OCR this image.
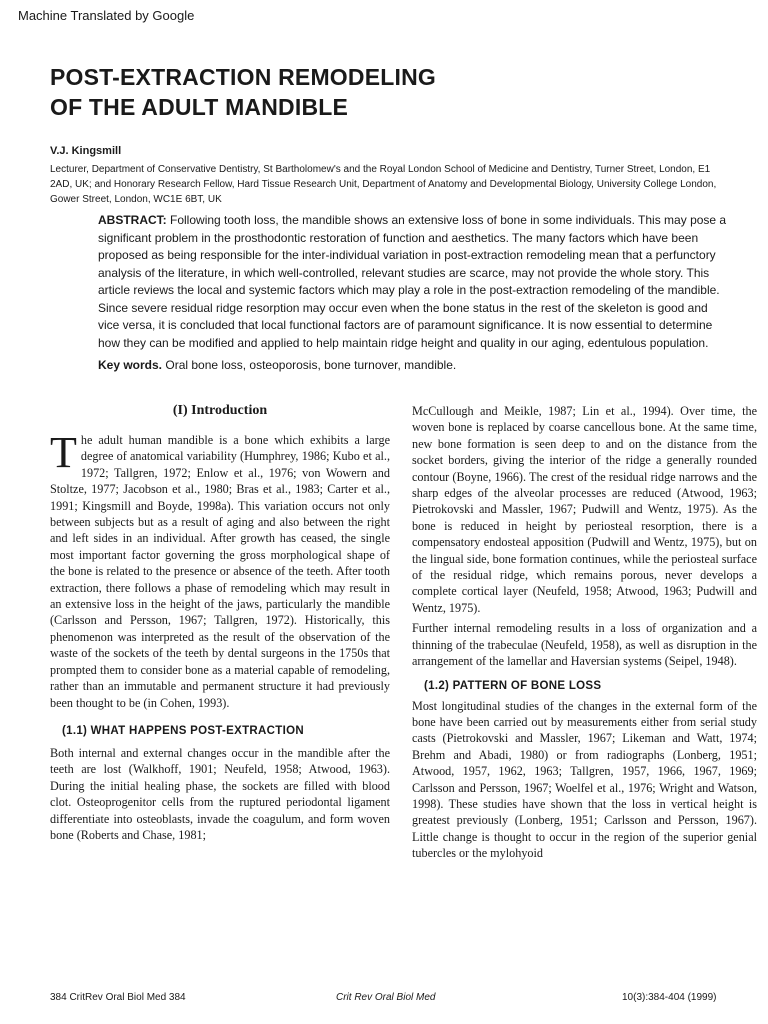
Machine Translated by Google
POST-EXTRACTION REMODELING
OF THE ADULT MANDIBLE
V.J. Kingsmill
Lecturer, Department of Conservative Dentistry, St Bartholomew's and the Royal London School of Medicine and Dentistry, Turner Street, London, E1 2AD, UK; and Honorary Research Fellow, Hard Tissue Research Unit, Department of Anatomy and Developmental Biology, University College London, Gower Street, London, WC1E 6BT, UK
ABSTRACT: Following tooth loss, the mandible shows an extensive loss of bone in some individuals. This may pose a significant problem in the prosthodontic restoration of function and aesthetics. The many factors which have been proposed as being responsible for the inter-individual variation in post-extraction remodeling mean that a perfunctory analysis of the literature, in which well-controlled, relevant studies are scarce, may not provide the whole story. This article reviews the local and systemic factors which may play a role in the post-extraction remodeling of the mandible. Since severe residual ridge resorption may occur even when the bone status in the rest of the skeleton is good and vice versa, it is concluded that local functional factors are of paramount significance. It is now essential to determine how they can be modified and applied to help maintain ridge height and quality in our aging, edentulous population.
Key words. Oral bone loss, osteoporosis, bone turnover, mandible.
(I) Introduction

The adult human mandible is a bone which exhibits a large degree of anatomical variability (Humphrey, 1986; Kubo et al., 1972; Tallgren, 1972; Enlow et al., 1976; von Wowern and Stoltze, 1977; Jacobson et al., 1980; Bras et al., 1983; Carter et al., 1991; Kingsmill and Boyde, 1998a). This variation occurs not only between subjects but as a result of aging and also between the right and left sides in an individual. After growth has ceased, the single most important factor governing the gross morphological shape of the bone is related to the presence or absence of the teeth. After tooth extraction, there follows a phase of remodeling which may result in an extensive loss in the height of the jaws, particularly the mandible (Carlsson and Persson, 1967; Tallgren, 1972). Historically, this phenomenon was interpreted as the result of the observation of the waste of the sockets of the teeth by dental surgeons in the 1750s that prompted them to consider bone as a material capable of remodeling, rather than an immutable and permanent structure it had previously been thought to be (in Cohen, 1993).

(1.1) WHAT HAPPENS POST-EXTRACTION

Both internal and external changes occur in the mandible after the teeth are lost (Walkhoff, 1901; Neufeld, 1958; Atwood, 1963). During the initial healing phase, the sockets are filled with blood clot. Osteoprogenitor cells from the ruptured periodontal ligament differentiate into osteoblasts, invade the coagulum, and form woven bone (Roberts and Chase, 1981;

McCullough and Meikle, 1987; Lin et al., 1994). Over time, the woven bone is replaced by coarse cancellous bone. At the same time, new bone formation is seen deep to and on the distance from the socket borders, giving the interior of the ridge a generally rounded contour (Boyne, 1966). The crest of the residual ridge narrows and the sharp edges of the alveolar processes are reduced (Atwood, 1963; Pietrokovski and Massler, 1967; Pudwill and Wentz, 1975). As the bone is reduced in height by periosteal resorption, there is a compensatory endosteal apposition (Pudwill and Wentz, 1975), but on the lingual side, bone formation continues, while the periosteal surface of the residual ridge, which remains porous, never develops a complete cortical layer (Neufeld, 1958; Atwood, 1963; Pudwill and Wentz, 1975).

Further internal remodeling results in a loss of organization and a thinning of the trabeculae (Neufeld, 1958), as well as disruption in the arrangement of the lamellar and Haversian systems (Seipel, 1948).

(1.2) PATTERN OF BONE LOSS

Most longitudinal studies of the changes in the external form of the bone have been carried out by measurements either from serial study casts (Pietrokovski and Massler, 1967; Likeman and Watt, 1974; Brehm and Abadi, 1980) or from radiographs (Lonberg, 1951; Atwood, 1957, 1962, 1963; Tallgren, 1957, 1966, 1967, 1969; Carlsson and Persson, 1967; Woelfel et al., 1976; Wright and Watson, 1998). These studies have shown that the loss in vertical height is greatest previously (Lonberg, 1951; Carlsson and Persson, 1967). Little change is thought to occur in the region of the superior genial tubercles or the mylohyoid

384 CritRev Oral Biol Med 384	Crit Rev Oral Biol Med	10(3):384-404 (1999)
